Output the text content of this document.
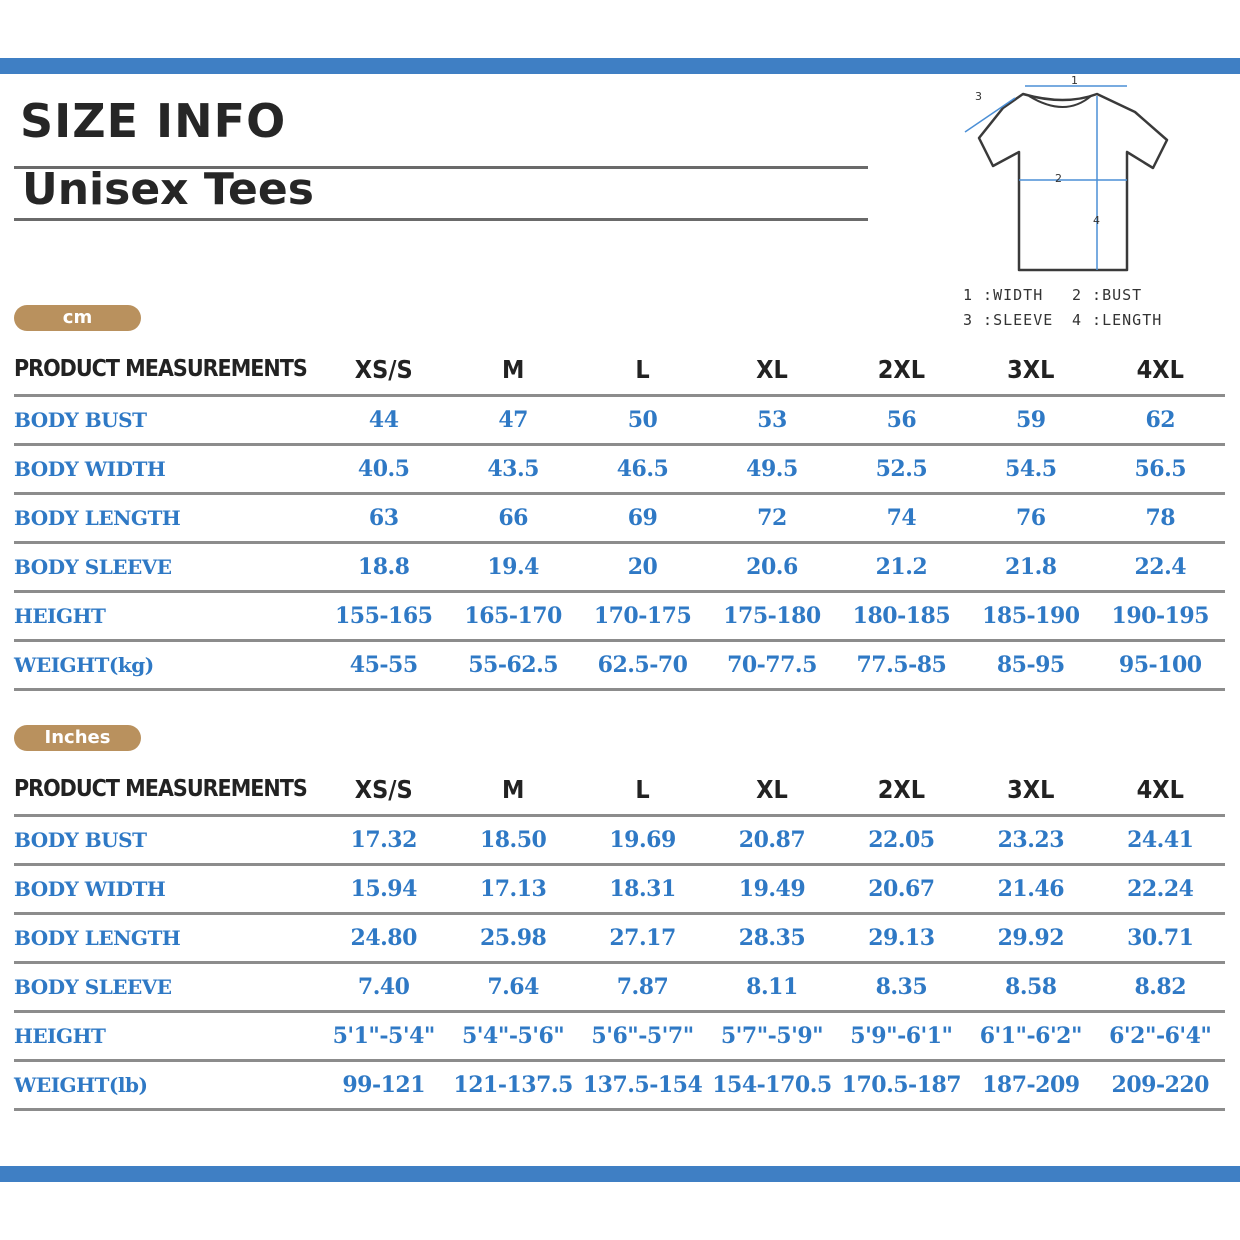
SIZE INFO
Unisex Tees
1
2
3
4
1 :WIDTH 2 :BUST
3 :SLEEVE 4 :LENGTH
cm
PRODUCT MEASUREMENTS	XS/S	M	L	XL	2XL	3XL	4XL
BODY BUST	44	47	50	53	56	59	62
BODY WIDTH	40.5	43.5	46.5	49.5	52.5	54.5	56.5
BODY LENGTH	63	66	69	72	74	76	78
BODY SLEEVE	18.8	19.4	20	20.6	21.2	21.8	22.4
HEIGHT	155-165	165-170	170-175	175-180	180-185	185-190	190-195
WEIGHT(kg)	45-55	55-62.5	62.5-70	70-77.5	77.5-85	85-95	95-100
Inches
PRODUCT MEASUREMENTS	XS/S	M	L	XL	2XL	3XL	4XL
BODY BUST	17.32	18.50	19.69	20.87	22.05	23.23	24.41
BODY WIDTH	15.94	17.13	18.31	19.49	20.67	21.46	22.24
BODY LENGTH	24.80	25.98	27.17	28.35	29.13	29.92	30.71
BODY SLEEVE	7.40	7.64	7.87	8.11	8.35	8.58	8.82
HEIGHT	5'1"-5'4"	5'4"-5'6"	5'6"-5'7"	5'7"-5'9"	5'9"-6'1"	6'1"-6'2"	6'2"-6'4"
WEIGHT(lb)	99-121	121-137.5	137.5-154	154-170.5	170.5-187	187-209	209-220
